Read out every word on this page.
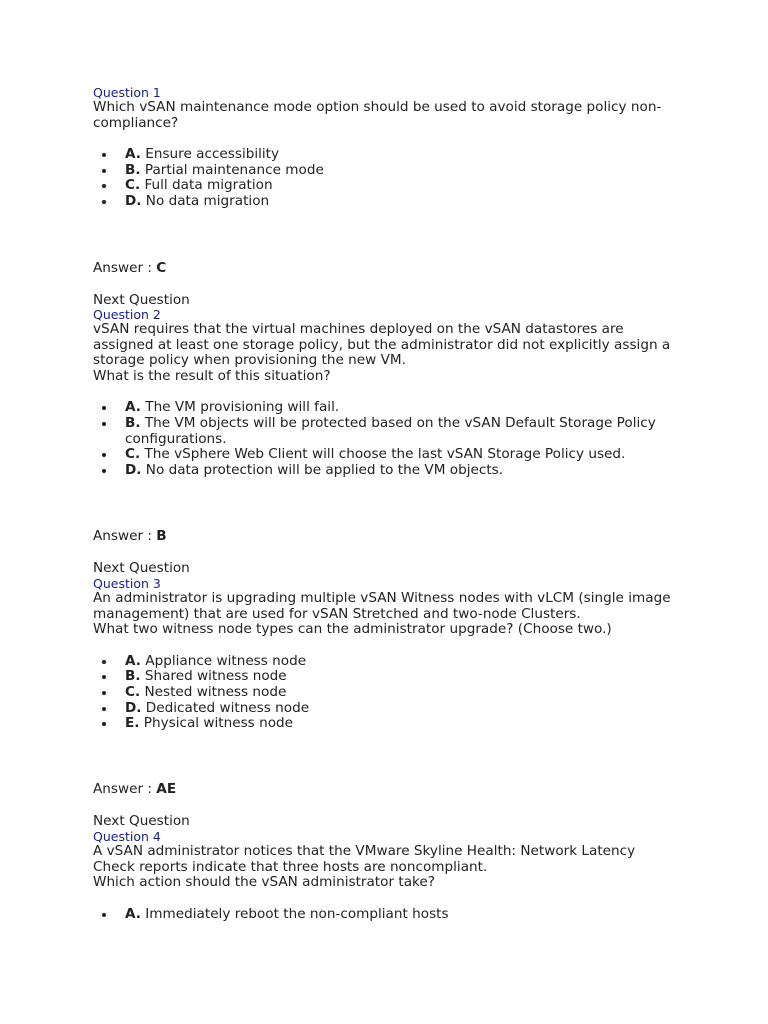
Question 1
Which vSAN maintenance mode option should be used to avoid storage policy non-compliance?
A. Ensure accessibility
B. Partial maintenance mode
C. Full data migration
D. No data migration
Answer : C
Next Question
Question 2
vSAN requires that the virtual machines deployed on the vSAN datastores are assigned at least one storage policy, but the administrator did not explicitly assign a storage policy when provisioning the new VM.
What is the result of this situation?
A. The VM provisioning will fail.
B. The VM objects will be protected based on the vSAN Default Storage Policy configurations.
C. The vSphere Web Client will choose the last vSAN Storage Policy used.
D. No data protection will be applied to the VM objects.
Answer : B
Next Question
Question 3
An administrator is upgrading multiple vSAN Witness nodes with vLCM (single image management) that are used for vSAN Stretched and two-node Clusters.
What two witness node types can the administrator upgrade? (Choose two.)
A. Appliance witness node
B. Shared witness node
C. Nested witness node
D. Dedicated witness node
E. Physical witness node
Answer : AE
Next Question
Question 4
A vSAN administrator notices that the VMware Skyline Health: Network Latency Check reports indicate that three hosts are noncompliant.
Which action should the vSAN administrator take?
A. Immediately reboot the non-compliant hosts
